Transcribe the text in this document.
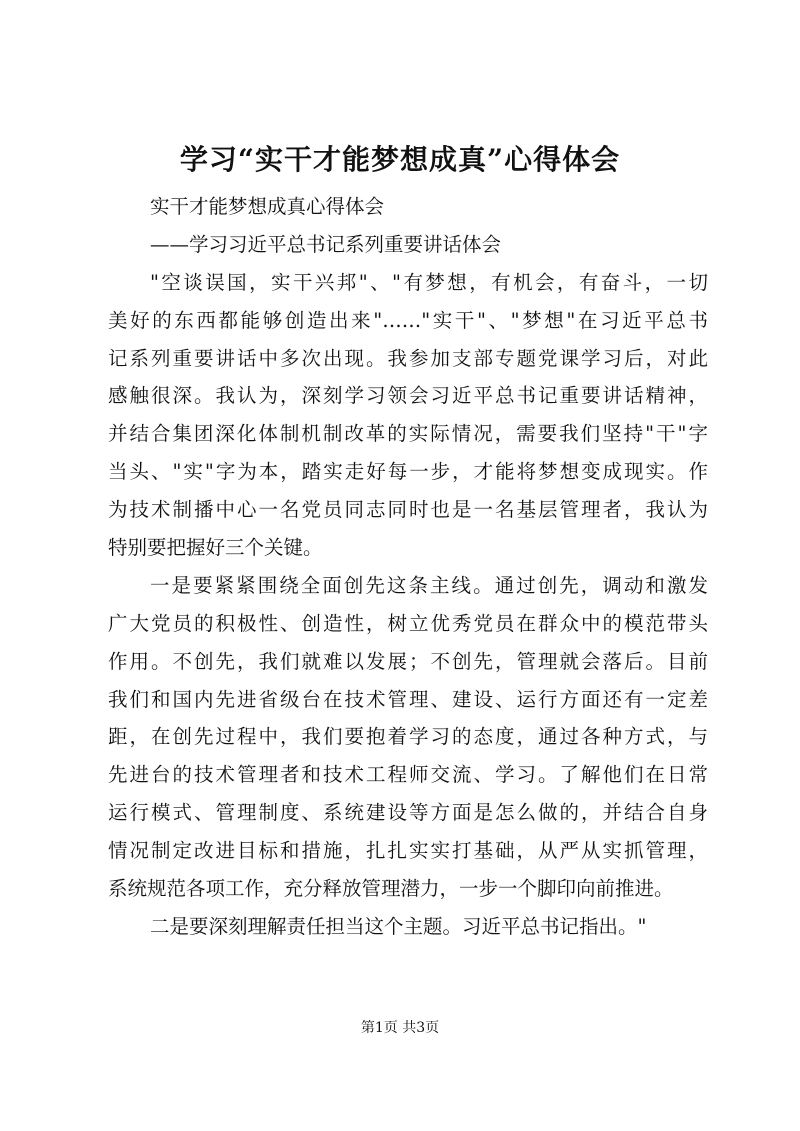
学习“实干才能梦想成真”心得体会
实干才能梦想成真心得体会
——学习习近平总书记系列重要讲话体会
"空谈误国，实干兴邦"、"有梦想，有机会，有奋斗，一切
美好的东西都能够创造出来"……"实干"、"梦想"在习近平总书
记系列重要讲话中多次出现。我参加支部专题党课学习后，对此
感触很深。我认为，深刻学习领会习近平总书记重要讲话精神，
并结合集团深化体制机制改革的实际情况，需要我们坚持"干"字
当头、"实"字为本，踏实走好每一步，才能将梦想变成现实。作
为技术制播中心一名党员同志同时也是一名基层管理者，我认为
特别要把握好三个关键。
一是要紧紧围绕全面创先这条主线。通过创先，调动和激发
广大党员的积极性、创造性，树立优秀党员在群众中的模范带头
作用。不创先，我们就难以发展；不创先，管理就会落后。目前
我们和国内先进省级台在技术管理、建设、运行方面还有一定差
距，在创先过程中，我们要抱着学习的态度，通过各种方式，与
先进台的技术管理者和技术工程师交流、学习。了解他们在日常
运行模式、管理制度、系统建设等方面是怎么做的，并结合自身
情况制定改进目标和措施，扎扎实实打基础，从严从实抓管理，
系统规范各项工作，充分释放管理潜力，一步一个脚印向前推进。
二是要深刻理解责任担当这个主题。习近平总书记指出。"
第1页 共3页
